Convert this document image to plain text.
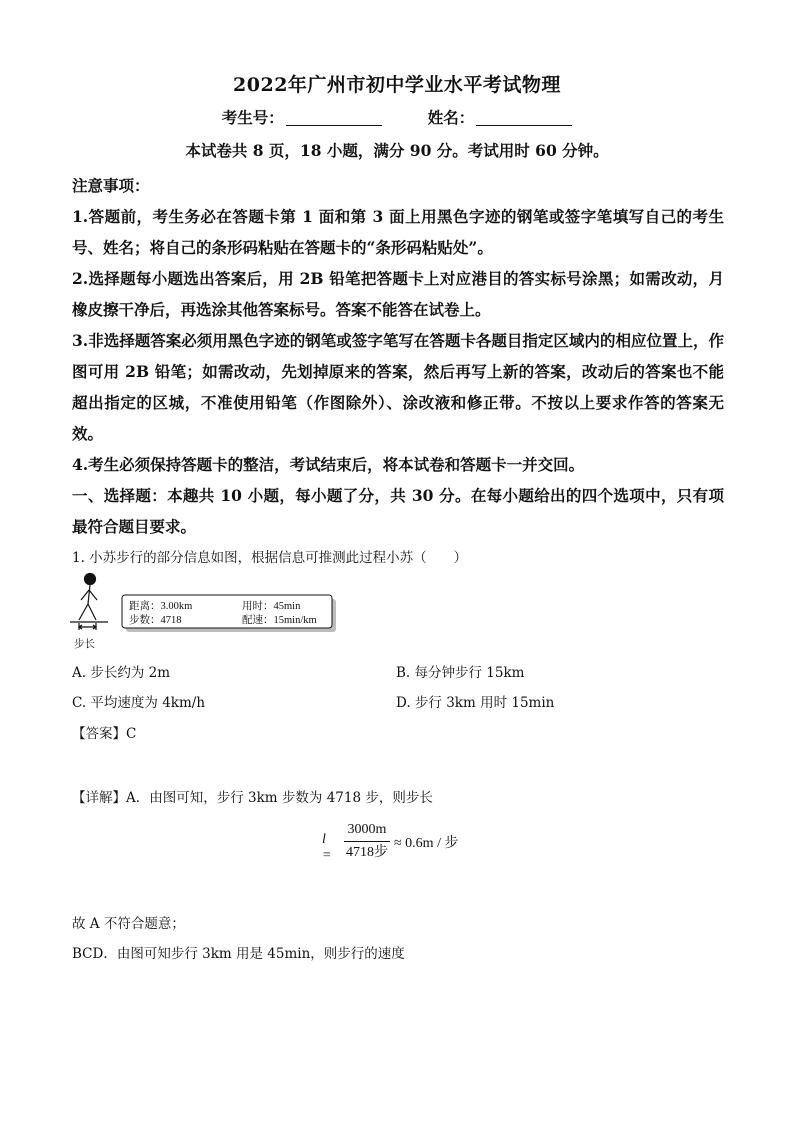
2022年广州市初中学业水平考试物理
考生号：	姓名：
本试卷共 8 页，18 小题，满分 90 分。考试用时 60 分钟。
注意事项：
1.答题前，考生务必在答题卡第 1 面和第 3 面上用黑色字迹的钢笔或签字笔填写自己的考生号、姓名；将自己的条形码粘贴在答题卡的“条形码粘贴处”。
2.选择题每小题选出答案后，用 2B 铅笔把答题卡上对应港目的答实标号涂黑；如需改动，月橡皮擦干净后，再选涂其他答案标号。答案不能答在试卷上。
3.非选择题答案必须用黑色字迹的钢笔或签字笔写在答题卡各题目指定区域内的相应位置上，作图可用 2B 铅笔；如需改动，先划掉原来的答案，然后再写上新的答案，改动后的答案也不能超出指定的区城，不准使用铅笔（作图除外）、涂改液和修正带。不按以上要求作答的答案无效。
4.考生必须保持答题卡的整洁，考试结束后，将本试卷和答题卡一并交回。
一、选择题：本趣共 10 小题，每小题了分，共 30 分。在每小题给出的四个选项中，只有项最符合题目要求。
1. 小苏步行的部分信息如图，根据信息可推测此过程小苏（　　）
步长
距离：3.00km	用时：45min
步数：4718	配速：15min/km
A. 步长约为 2m	B. 每分钟步行 15km
C. 平均速度为 4km/h	D. 步行 3km 用时 15min
【答案】C
【详解】A．由图可知，步行 3km 步数为 4718 步，则步长
l =
3000m
4718步
≈ 0.6m / 步
故 A 不符合题意；
BCD．由图可知步行 3km 用是 45min，则步行的速度
